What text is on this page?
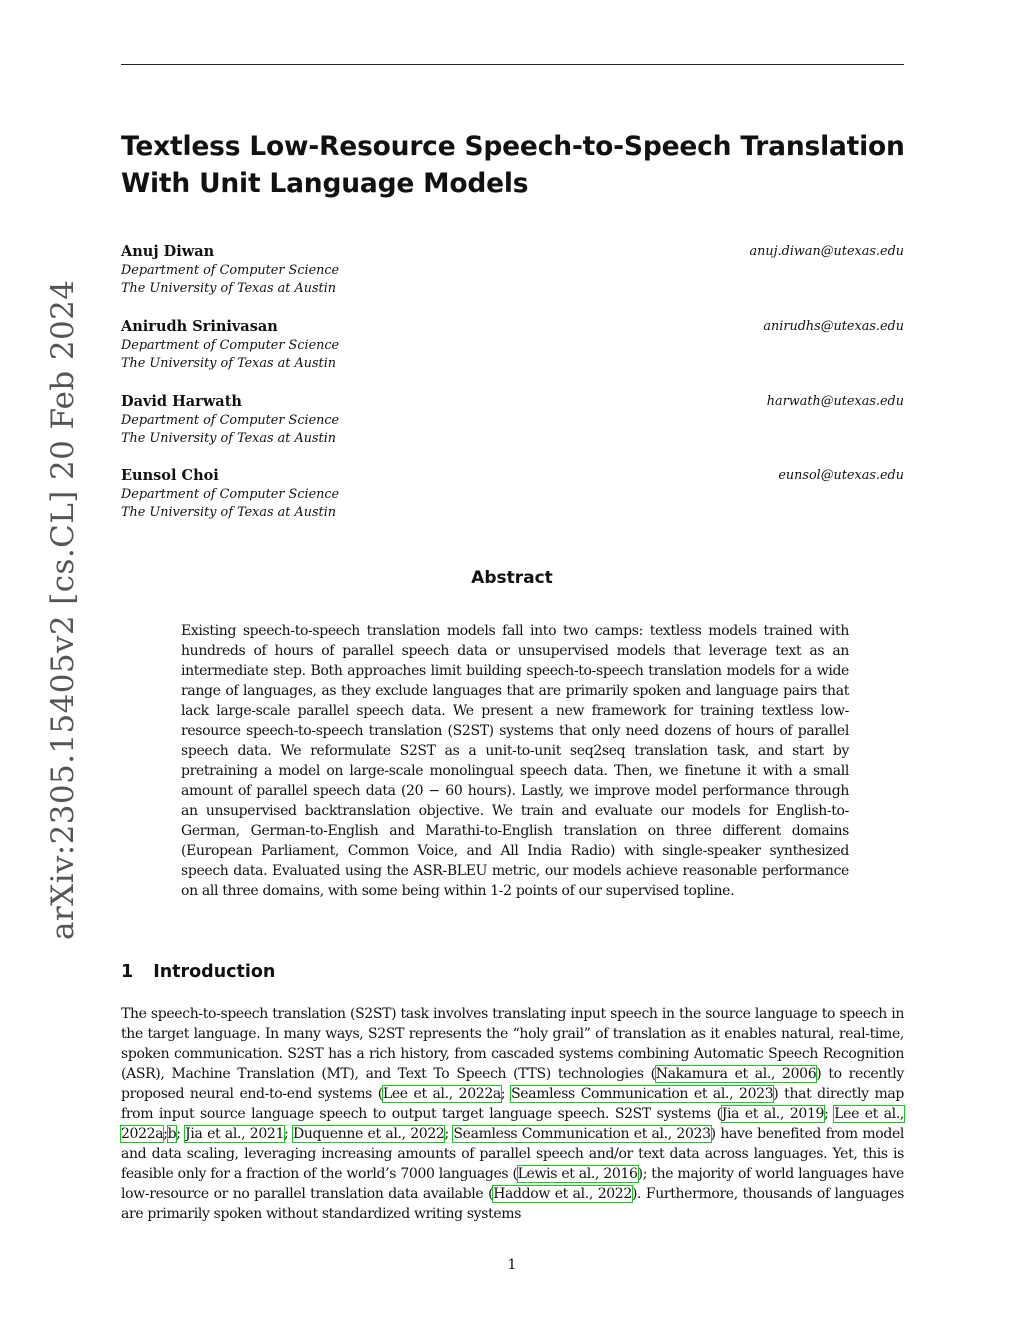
arXiv:2305.15405v2 [cs.CL] 20 Feb 2024
Textless Low-Resource Speech-to-Speech Translation With Unit Language Models
Anuj Diwan
Department of Computer Science
The University of Texas at Austin
anuj.diwan@utexas.edu
Anirudh Srinivasan
Department of Computer Science
The University of Texas at Austin
anirudhs@utexas.edu
David Harwath
Department of Computer Science
The University of Texas at Austin
harwath@utexas.edu
Eunsol Choi
Department of Computer Science
The University of Texas at Austin
eunsol@utexas.edu
Abstract

Existing speech-to-speech translation models fall into two camps: textless models trained with hundreds of hours of parallel speech data or unsupervised models that leverage text as an intermediate step. Both approaches limit building speech-to-speech translation models for a wide range of languages, as they exclude languages that are primarily spoken and language pairs that lack large-scale parallel speech data. We present a new framework for training textless low-resource speech-to-speech translation (S2ST) systems that only need dozens of hours of parallel speech data. We reformulate S2ST as a unit-to-unit seq2seq translation task, and start by pretraining a model on large-scale monolingual speech data. Then, we finetune it with a small amount of parallel speech data (20 − 60 hours). Lastly, we improve model performance through an unsupervised backtranslation objective. We train and evaluate our models for English-to-German, German-to-English and Marathi-to-English translation on three different domains (European Parliament, Common Voice, and All India Radio) with single-speaker synthesized speech data. Evaluated using the ASR-BLEU metric, our models achieve reasonable performance on all three domains, with some being within 1-2 points of our supervised topline.

1 Introduction

The speech-to-speech translation (S2ST) task involves translating input speech in the source language to speech in the target language. In many ways, S2ST represents the “holy grail” of translation as it enables natural, real-time, spoken communication. S2ST has a rich history, from cascaded systems combining Automatic Speech Recognition (ASR), Machine Translation (MT), and Text To Speech (TTS) technologies (Nakamura et al., 2006) to recently proposed neural end-to-end systems (Lee et al., 2022a; Seamless Communication et al., 2023) that directly map from input source language speech to output target language speech. S2ST systems (Jia et al., 2019; Lee et al., 2022a;b; Jia et al., 2021; Duquenne et al., 2022; Seamless Communication et al., 2023) have benefited from model and data scaling, leveraging increasing amounts of parallel speech and/or text data across languages. Yet, this is feasible only for a fraction of the world’s 7000 languages (Lewis et al., 2016); the majority of world languages have low-resource or no parallel translation data available (Haddow et al., 2022). Furthermore, thousands of languages are primarily spoken without standardized writing systems

1
